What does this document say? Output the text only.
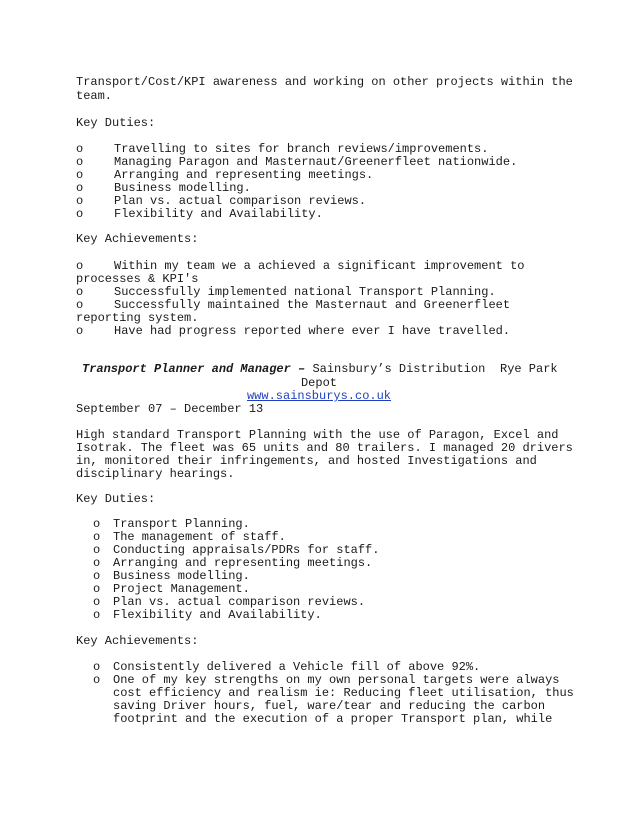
Transport/Cost/KPI awareness and working on other projects within the
team.
Key Duties:
o	Travelling to sites for branch reviews/improvements.
o	Managing Paragon and Masternaut/Greenerfleet nationwide.
o	Arranging and representing meetings.
o	Business modelling.
o	Plan vs. actual comparison reviews.
o	Flexibility and Availability.
Key Achievements:
o	Within my team we a achieved a significant improvement to
processes & KPI's
o	Successfully implemented national Transport Planning.
o	Successfully maintained the Masternaut and Greenerfleet
reporting system.
o	Have had progress reported where ever I have travelled.
Transport Planner and Manager – Sainsbury’s Distribution Rye Park
Depot
www.sainsburys.co.uk
September 07 – December 13
High standard Transport Planning with the use of Paragon, Excel and
Isotrak. The fleet was 65 units and 80 trailers. I managed 20 drivers
in, monitored their infringements, and hosted Investigations and
disciplinary hearings.
Key Duties:
o Transport Planning.
o The management of staff.
o Conducting appraisals/PDRs for staff.
o Arranging and representing meetings.
o Business modelling.
o Project Management.
o Plan vs. actual comparison reviews.
o Flexibility and Availability.
Key Achievements:
o Consistently delivered a Vehicle fill of above 92%.
o One of my key strengths on my own personal targets were always
cost efficiency and realism ie: Reducing fleet utilisation, thus
saving Driver hours, fuel, ware/tear and reducing the carbon
footprint and the execution of a proper Transport plan, while
